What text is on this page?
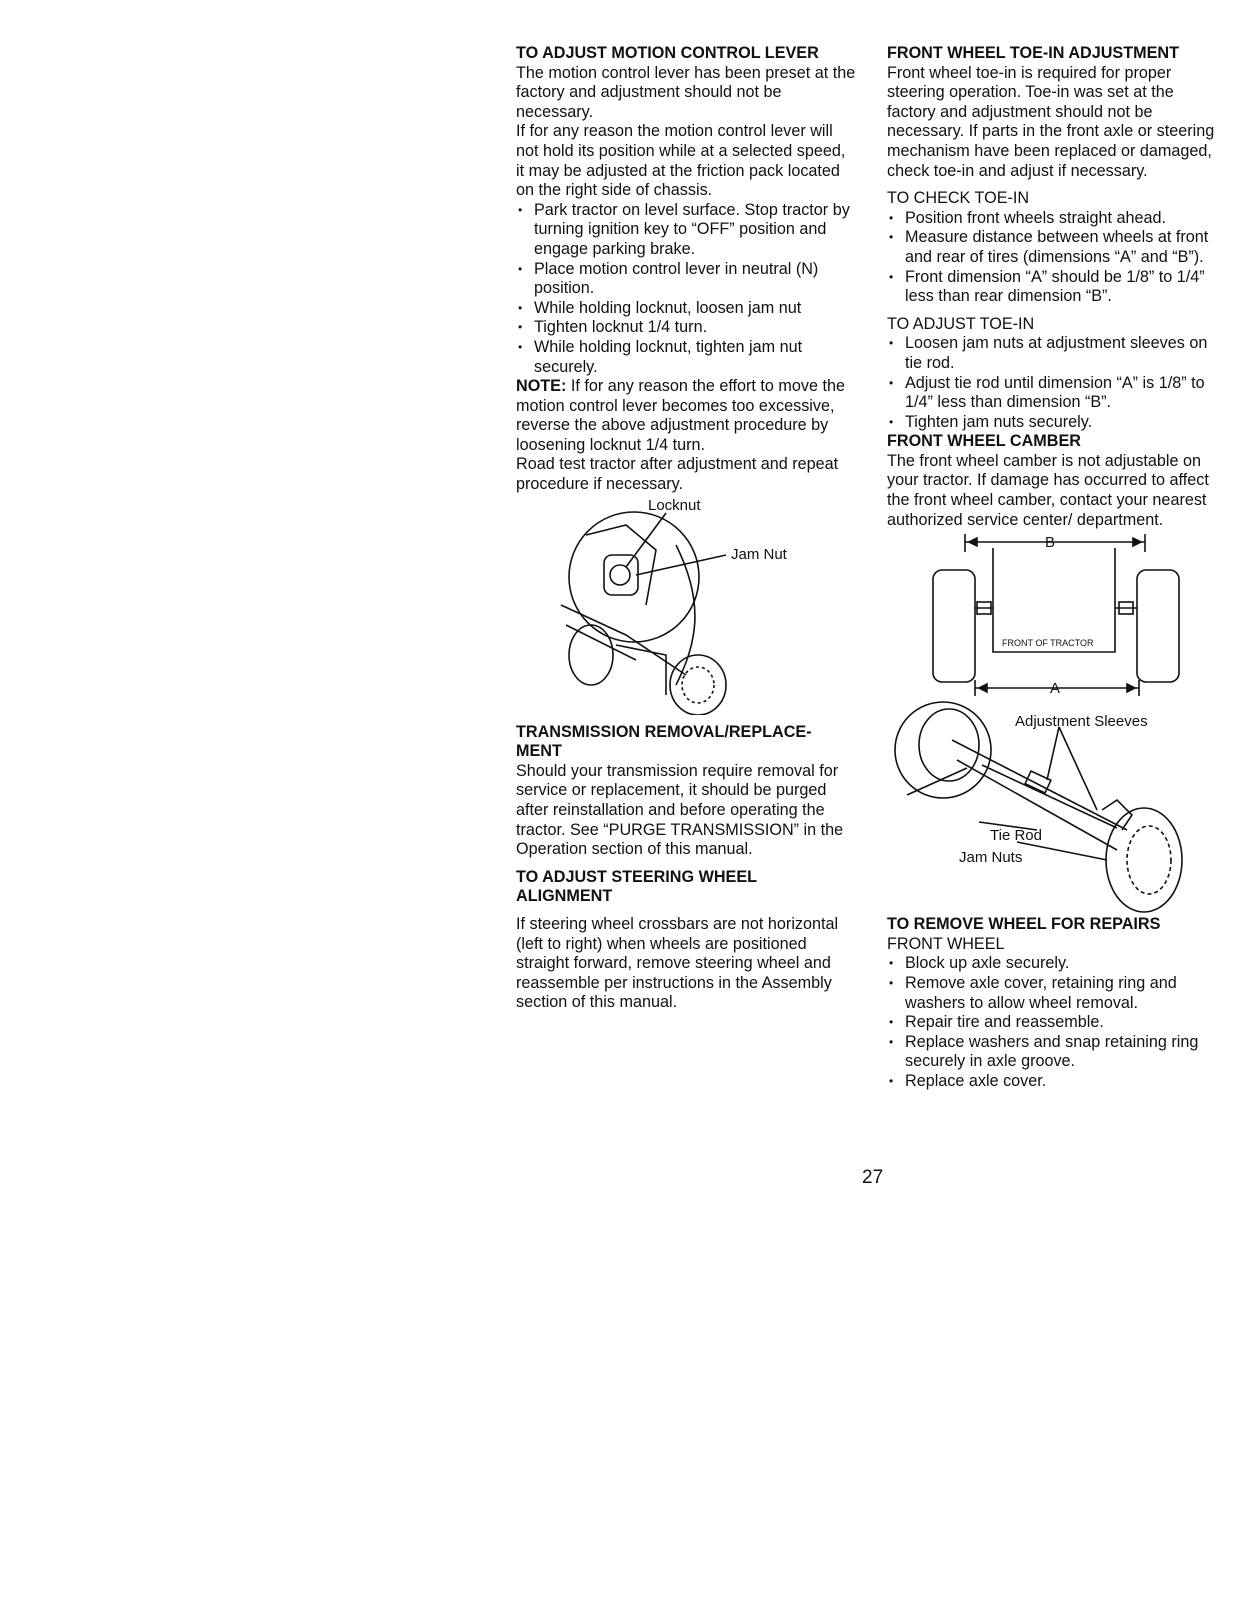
TO ADJUST MOTION CONTROL LEVER

The motion control lever has been preset at the factory and adjustment should not be necessary.

If for any reason the motion control lever will not hold its position while at a selected speed, it may be adjusted at the friction pack located on the right side of chassis.

• Park tractor on level surface. Stop tractor by turning ignition key to “OFF” position and engage parking brake.
• Place motion control lever in neutral (N) position.
• While holding locknut, loosen jam nut
• Tighten locknut 1/4 turn.
• While holding locknut, tighten jam nut securely.

NOTE: If for any reason the effort to move the motion control lever becomes too excessive, reverse the above adjustment procedure by loosening locknut 1/4 turn.

Road test tractor after adjustment and repeat procedure if necessary.

Locknut
Jam Nut
TRANSMISSION REMOVAL/REPLACE- MENT

Should your transmission require removal for service or replacement, it should be purged after reinstallation and before operating the tractor. See “PURGE TRANSMISSION” in the Operation section of this manual.

TO ADJUST STEERING WHEEL ALIGNMENT

If steering wheel crossbars are not horizontal (left to right) when wheels are positioned straight forward, remove steering wheel and reassemble per instructions in the Assembly section of this manual.

FRONT WHEEL TOE-IN ADJUSTMENT

Front wheel toe-in is required for proper steering operation. Toe-in was set at the factory and adjustment should not be necessary. If parts in the front axle or steering mechanism have been replaced or damaged, check toe-in and adjust if necessary.

TO CHECK TOE-IN

• Position front wheels straight ahead.
• Measure distance between wheels at front and rear of tires (dimensions “A” and “B”).
• Front dimension “A” should be 1/8” to 1/4” less than rear dimension “B”.

TO ADJUST TOE-IN

• Loosen jam nuts at adjustment sleeves on tie rod.
• Adjust tie rod until dimension “A” is 1/8” to 1/4” less than dimension “B”.
• Tighten jam nuts securely.
FRONT WHEEL CAMBER

The front wheel camber is not adjustable on your tractor. If damage has occurred to affect the front wheel camber, contact your nearest authorized service center/ department.

B
FRONT OF TRACTOR
A
Adjustment Sleeves
Tie Rod
Jam Nuts
TO REMOVE WHEEL FOR REPAIRS

FRONT WHEEL

• Block up axle securely.
• Remove axle cover, retaining ring and washers to allow wheel removal.
• Repair tire and reassemble.
• Replace washers and snap retaining ring securely in axle groove.
• Replace axle cover.
27
